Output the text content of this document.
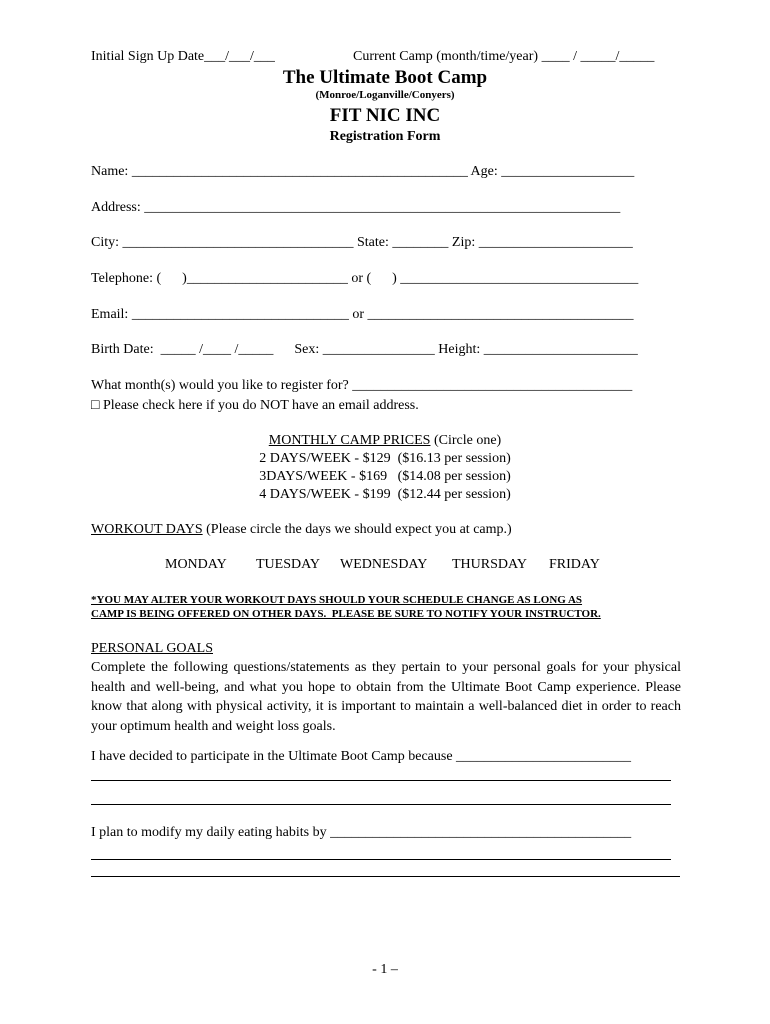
Initial Sign Up Date___/___/___	Current Camp (month/time/year) ____ / _____/_____
The Ultimate Boot Camp
(Monroe/Loganville/Conyers)
FIT NIC INC
Registration Form
Name: ________________________________________________ Age: ___________________
Address: ____________________________________________________________________
City: _________________________________ State: ________ Zip: ______________________
Telephone: (      )_______________________ or (      ) __________________________________
Email: _______________________________ or ______________________________________
Birth Date:  _____ /____ /_____      Sex: ________________ Height: ______________________
What month(s) would you like to register for? ________________________________________
□ Please check here if you do NOT have an email address.
MONTHLY CAMP PRICES (Circle one)
2 DAYS/WEEK - $129  ($16.13 per session)
3DAYS/WEEK - $169   ($14.08 per session)
4 DAYS/WEEK - $199  ($12.44 per session)
WORKOUT DAYS (Please circle the days we should expect you at camp.)
MONDAY TUESDAY WEDNESDAY THURSDAY FRIDAY
*YOU MAY ALTER YOUR WORKOUT DAYS SHOULD YOUR SCHEDULE CHANGE AS LONG AS
CAMP IS BEING OFFERED ON OTHER DAYS.  PLEASE BE SURE TO NOTIFY YOUR INSTRUCTOR.
PERSONAL GOALS
Complete the following questions/statements as they pertain to your personal goals for your physical health and well-being, and what you hope to obtain from the Ultimate Boot Camp experience. Please know that along with physical activity, it is important to maintain a well-balanced diet in order to reach your optimum health and weight loss goals.
I have decided to participate in the Ultimate Boot Camp because _________________________
I plan to modify my daily eating habits by ___________________________________________
- 1 –
